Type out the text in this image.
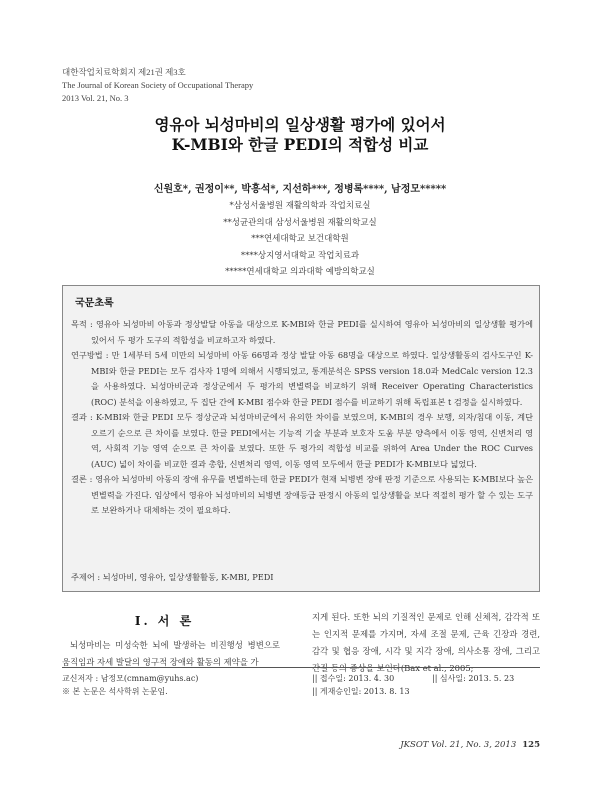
대한작업치료학회지 제21권 제3호
The Journal of Korean Society of Occupational Therapy
2013 Vol. 21, No. 3
영유아 뇌성마비의 일상생활 평가에 있어서
K-MBI와 한글 PEDI의 적합성 비교
신원호*, 권정이**, 박흥석*, 지선하***, 정병록****, 남정모*****
*삼성서울병원 재활의학과 작업치료실
**성균관의대 삼성서울병원 재활의학교실
***연세대학교 보건대학원
****상지영서대학교 작업치료과
*****연세대학교 의과대학 예방의학교실
국문초록

목적 : 영유아 뇌성마비 아동과 정상발달 아동을 대상으로 K-MBI와 한글 PEDI를 실시하여 영유아 뇌성마비의 일상생활 평가에 있어서 두 평가 도구의 적합성을 비교하고자 하였다.

연구방법 : 만 1세부터 5세 미만의 뇌성마비 아동 66명과 정상 발달 아동 68명을 대상으로 하였다. 일상생활동의 검사도구인 K-MBI와 한글 PEDI는 모두 검사자 1명에 의해서 시행되었고, 통계분석은 SPSS version 18.0과 MedCalc version 12.3을 사용하였다. 뇌성마비군과 정상군에서 두 평가의 변별력을 비교하기 위해 Receiver Operating Characteristics (ROC) 분석을 이용하였고, 두 집단 간에 K-MBI 점수와 한글 PEDI 점수를 비교하기 위해 독립표본 t 검정을 실시하였다.

결과 : K-MBI와 한글 PEDI 모두 정상군과 뇌성마비군에서 유의한 차이를 보였으며, K-MBI의 경우 보행, 의자/침대 이동, 계단 오르기 순으로 큰 차이를 보였다. 한글 PEDI에서는 기능적 기술 부분과 보호자 도움 부분 양측에서 이동 영역, 신변처리 영역, 사회적 기능 영역 순으로 큰 차이를 보였다. 또한 두 평가의 적합성 비교를 위하여 Area Under the ROC Curves (AUC) 넓이 차이를 비교한 결과 총합, 신변처리 영역, 이동 영역 모두에서 한글 PEDI가 K-MBI보다 넓었다.

결론 : 영유아 뇌성마비 아동의 장애 유무를 변별하는데 한글 PEDI가 현재 뇌병변 장애 판정 기준으로 사용되는 K-MBI보다 높은 변별력을 가진다. 임상에서 영유아 뇌성마비의 뇌병변 장애등급 판정시 아동의 일상생활을 보다 적절히 평가 할 수 있는 도구로 보완하거나 대체하는 것이 필요하다.

주제어 : 뇌성마비, 영유아, 일상생활활동, K-MBI, PEDI
I. 서 론
뇌성마비는 미성숙한 뇌에 발생하는 비진행성 병변으로 움직임과 자세 발달의 영구적 장애와 활동의 제약을 가
지게 된다. 또한 뇌의 기질적인 문제로 인해 신체적, 감각적 또는 인지적 문제를 가지며, 자세 조절 문제, 근육 긴장과 경련, 감각 및 협응 장애, 시각 및 지각 장애, 의사소통 장애, 그리고 간질 등의 증상을 보인다(Bax et al., 2005;
교신저자 : 남정모(cmnam@yuhs.ac)
※ 본 논문은 석사학위 논문임.
|| 접수일: 2013. 4. 30
|| 게재승인일: 2013. 8. 13
|| 심사일: 2013. 5. 23
JKSOT Vol. 21, No. 3, 2013 125
